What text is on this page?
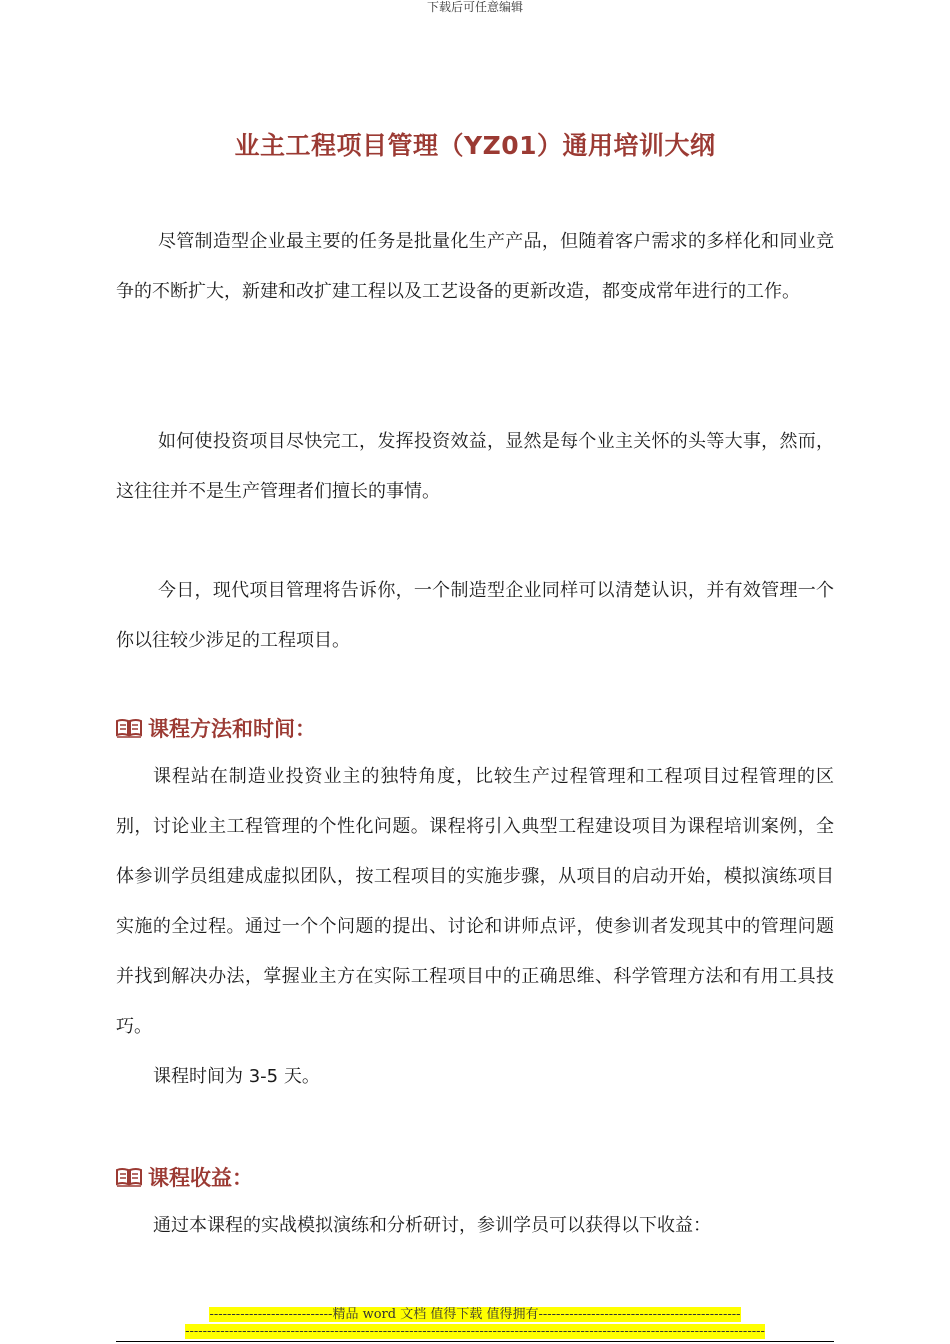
下载后可任意编辑
业主工程项目管理（YZ01）通用培训大纲

尽管制造型企业最主要的任务是批量化生产产品，但随着客户需求的多样化和同业竞争的不断扩大，新建和改扩建工程以及工艺设备的更新改造，都变成常年进行的工作。

如何使投资项目尽快完工，发挥投资效益，显然是每个业主关怀的头等大事，然而，这往往并不是生产管理者们擅长的事情。

今日，现代项目管理将告诉你，一个制造型企业同样可以清楚认识，并有效管理一个你以往较少涉足的工程项目。

课程方法和时间：

课程站在制造业投资业主的独特角度，比较生产过程管理和工程项目过程管理的区别，讨论业主工程管理的个性化问题。课程将引入典型工程建设项目为课程培训案例，全体参训学员组建成虚拟团队，按工程项目的实施步骤，从项目的启动开始，模拟演练项目实施的全过程。通过一个个问题的提出、讨论和讲师点评，使参训者发现其中的管理问题并找到解决办法，掌握业主方在实际工程项目中的正确思维、科学管理方法和有用工具技巧。

课程时间为 3-5 天。

课程收益：

通过本课程的实战模拟演练和分析研讨，参训学员可以获得以下收益：

----------------------------精品 word 文档 值得下载 值得拥有----------------------------------------------
------------------------------------------------------------------------------------------------------------------------------------
